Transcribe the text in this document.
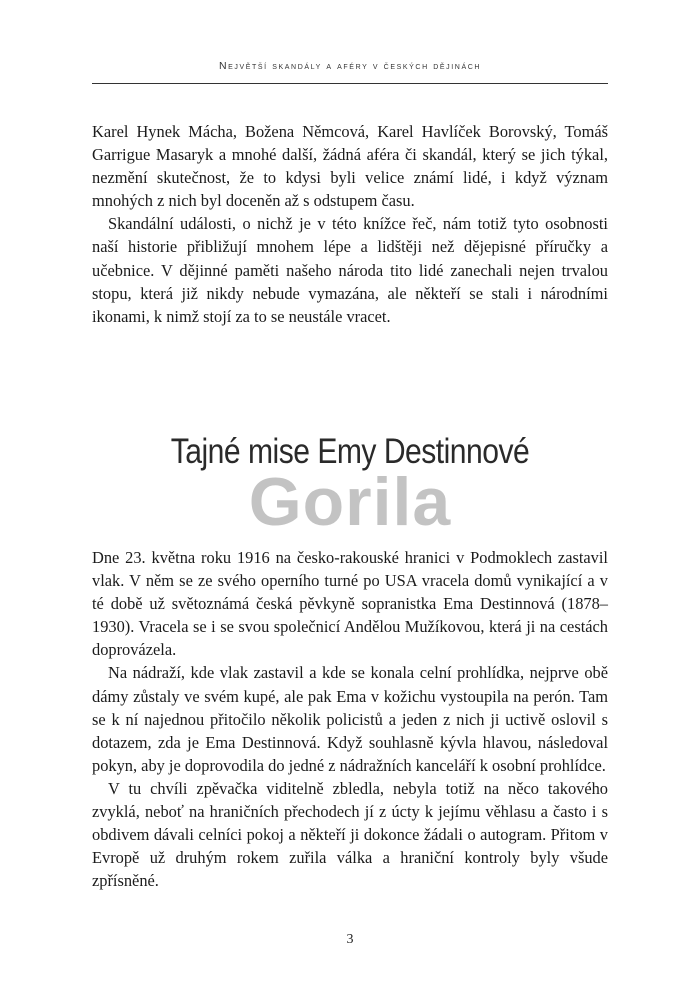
Největší skandály a aféry v českých dějinách

Karel Hynek Mácha, Božena Němcová, Karel Havlíček Borovský, Tomáš Garrigue Masaryk a mnohé další, žádná aféra či skandál, který se jich týkal, nezmění skutečnost, že to kdysi byli velice známí lidé, i když význam mnohých z nich byl doceněn až s odstupem času.

Skandální události, o nichž je v této knížce řeč, nám totiž tyto osobnosti naší historie přibližují mnohem lépe a lidštěji než dějepisné příručky a učebnice. V dějinné paměti našeho národa tito lidé zanechali nejen trvalou stopu, která již nikdy nebude vymazána, ale někteří se stali i národními ikonami, k nimž stojí za to se neustále vracet.

Tajné mise Emy Destinnové
Gorila

Dne 23. května roku 1916 na česko-rakouské hranici v Podmoklech zastavil vlak. V něm se ze svého operního turné po USA vracela domů vynikající a v té době už světoznámá česká pěvkyně sopranistka Ema Destinnová (1878–1930). Vracela se i se svou společnicí Andělou Mužíkovou, která ji na cestách doprovázela.

Na nádraží, kde vlak zastavil a kde se konala celní prohlídka, nejprve obě dámy zůstaly ve svém kupé, ale pak Ema v kožichu vystoupila na perón. Tam se k ní najednou přitočilo několik policistů a jeden z nich ji uctivě oslovil s dotazem, zda je Ema Destinnová. Když souhlasně kývla hlavou, následoval pokyn, aby je doprovodila do jedné z nádražních kanceláří k osobní prohlídce.

V tu chvíli zpěvačka viditelně zbledla, nebyla totiž na něco takového zvyklá, neboť na hraničních přechodech jí z úcty k jejímu věhlasu a často i s obdivem dávali celníci pokoj a někteří ji dokonce žádali o autogram. Přitom v Evropě už druhým rokem zuřila válka a hraniční kontroly byly všude zpřísněné.

3
